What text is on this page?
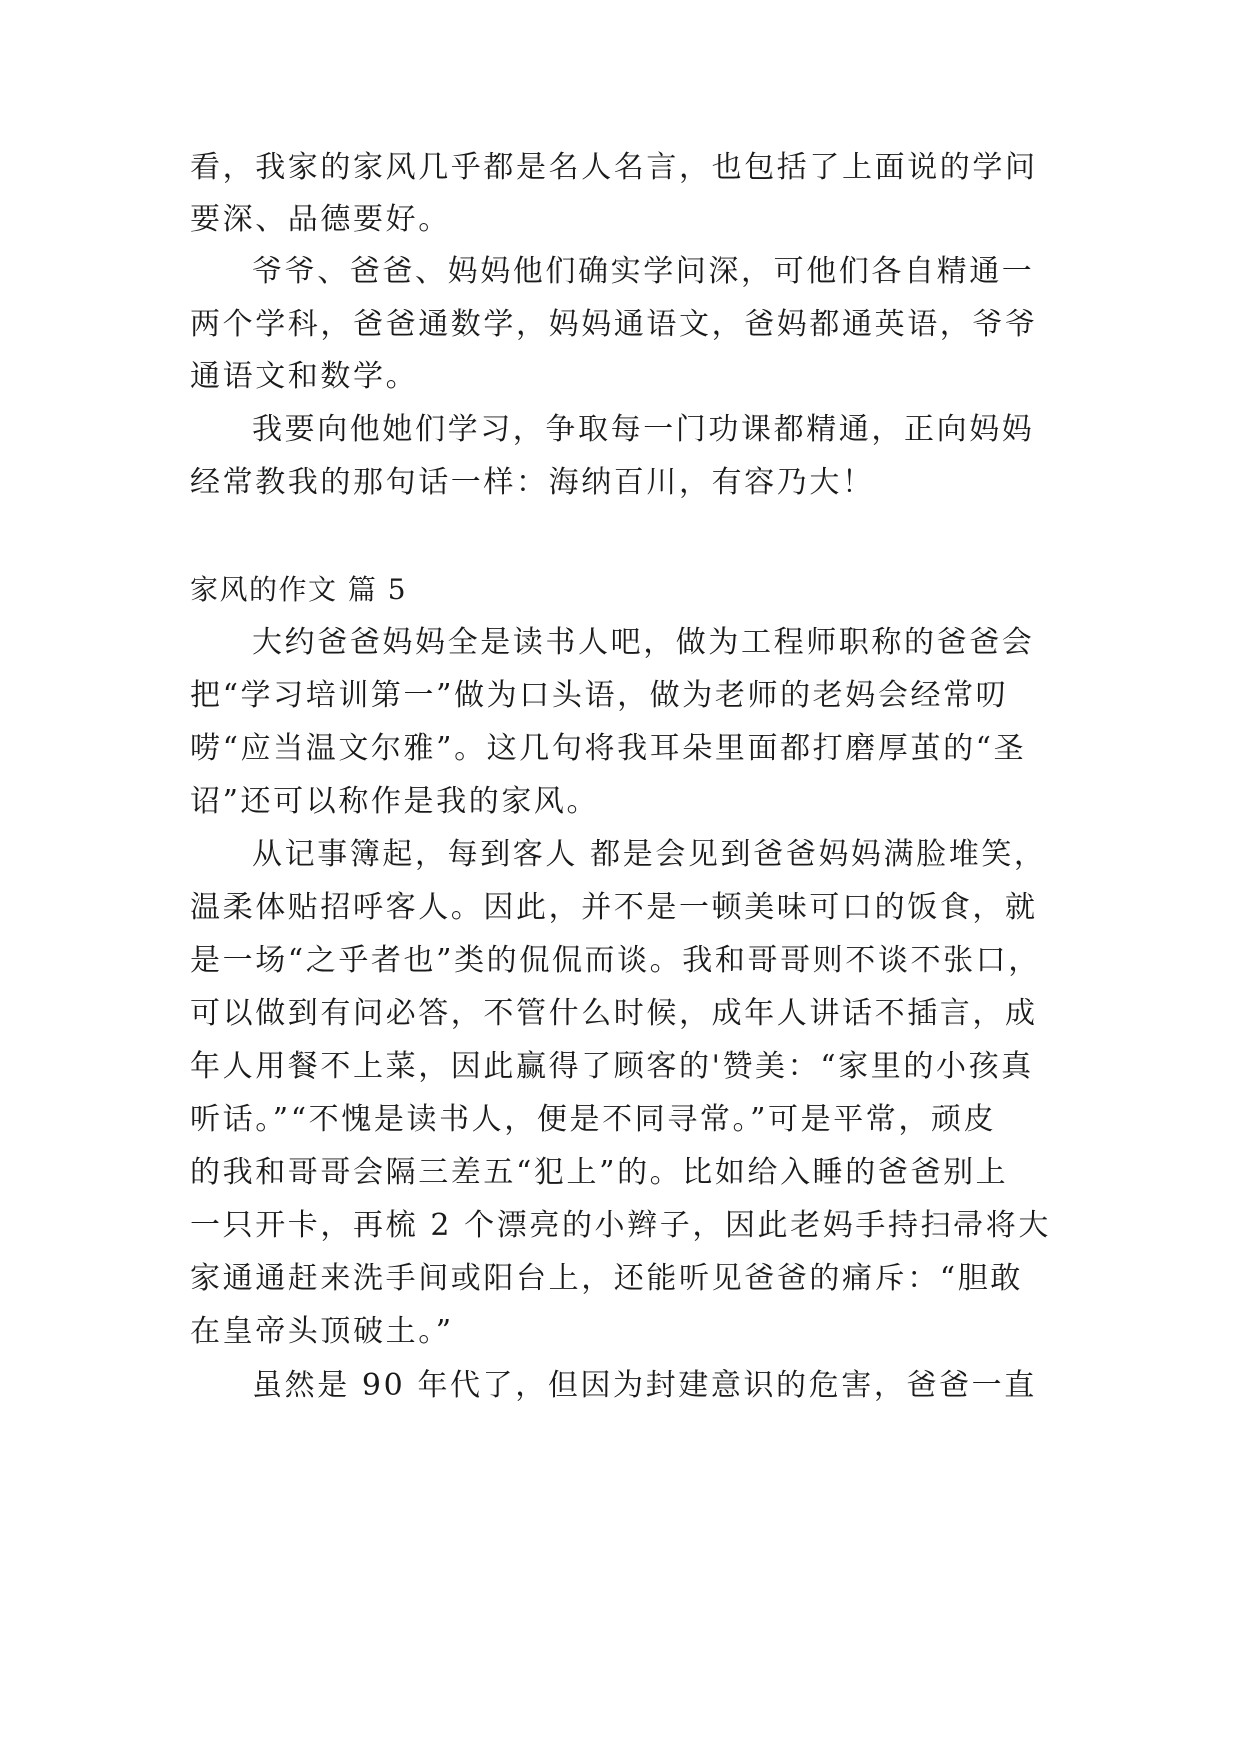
看，我家的家风几乎都是名人名言，也包括了上面说的学问
要深、品德要好。
爷爷、爸爸、妈妈他们确实学问深，可他们各自精通一
两个学科，爸爸通数学，妈妈通语文，爸妈都通英语，爷爷
通语文和数学。
我要向他她们学习，争取每一门功课都精通，正向妈妈
经常教我的那句话一样：海纳百川，有容乃大！
家风的作文 篇 5
大约爸爸妈妈全是读书人吧，做为工程师职称的爸爸会
把“学习培训第一”做为口头语，做为老师的老妈会经常叨
唠“应当温文尔雅”。这几句将我耳朵里面都打磨厚茧的“圣
诏”还可以称作是我的家风。
从记事簿起，每到客人 都是会见到爸爸妈妈满脸堆笑，
温柔体贴招呼客人。因此，并不是一顿美味可口的饭食，就
是一场“之乎者也”类的侃侃而谈。我和哥哥则不谈不张口，
可以做到有问必答，不管什么时候，成年人讲话不插言，成
年人用餐不上菜，因此赢得了顾客的'赞美：“家里的小孩真
听话。”“不愧是读书人，便是不同寻常。”可是平常，顽皮
的我和哥哥会隔三差五“犯上”的。比如给入睡的爸爸别上
一只开卡，再梳 2 个漂亮的小辫子，因此老妈手持扫帚将大
家通通赶来洗手间或阳台上，还能听见爸爸的痛斥：“胆敢
在皇帝头顶破土。”
虽然是 90 年代了，但因为封建意识的危害，爸爸一直
